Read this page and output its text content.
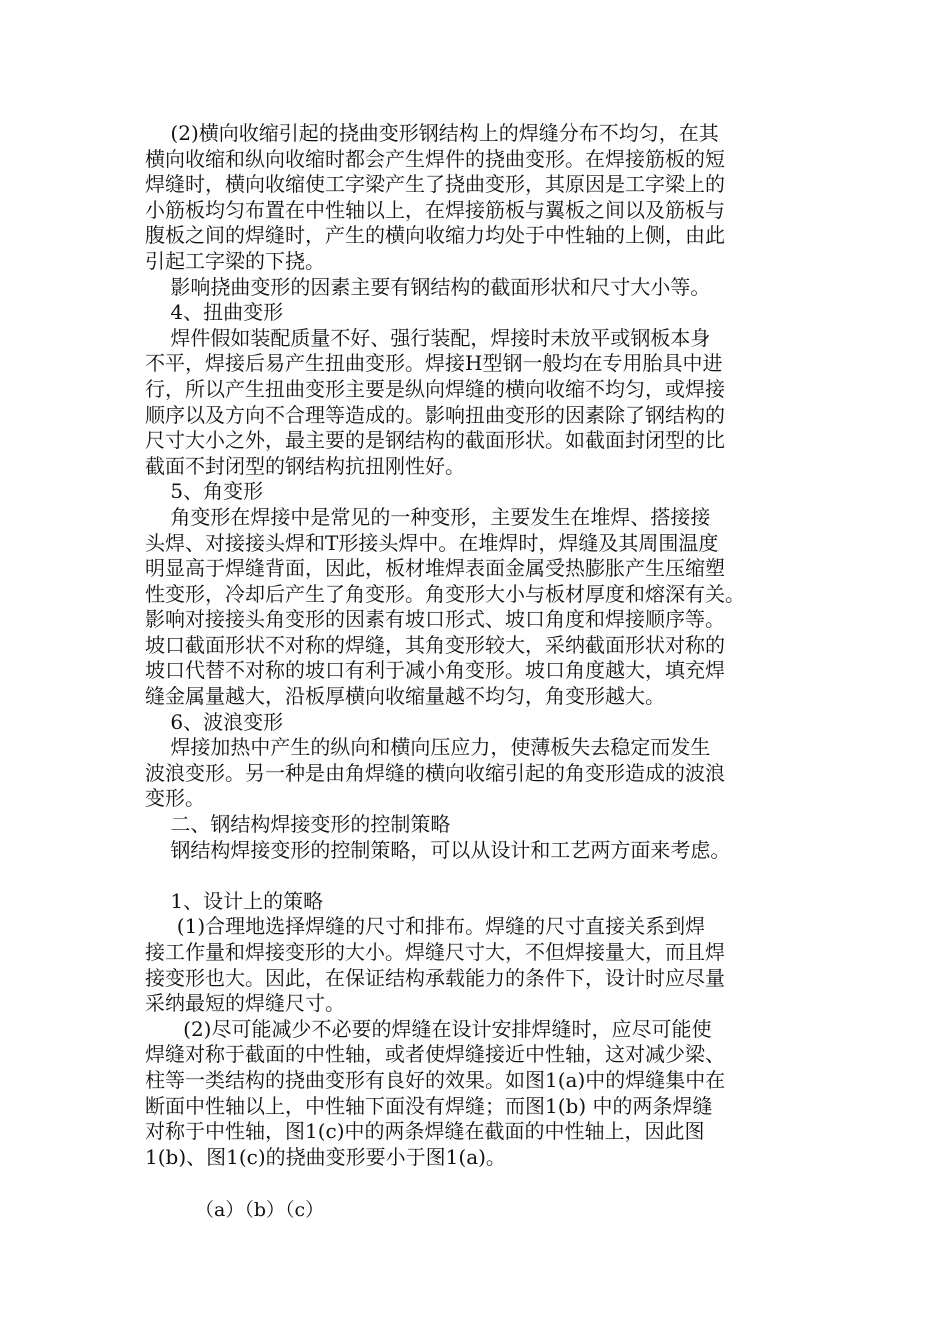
(2)横向收缩引起的挠曲变形钢结构上的焊缝分布不均匀，在其
横向收缩和纵向收缩时都会产生焊件的挠曲变形。在焊接筋板的短
焊缝时，横向收缩使工字梁产生了挠曲变形，其原因是工字梁上的
小筋板均匀布置在中性轴以上，在焊接筋板与翼板之间以及筋板与
腹板之间的焊缝时，产生的横向收缩力均处于中性轴的上侧，由此
引起工字梁的下挠。
影响挠曲变形的因素主要有钢结构的截面形状和尺寸大小等。
4、扭曲变形
焊件假如装配质量不好、强行装配，焊接时未放平或钢板本身
不平，焊接后易产生扭曲变形。焊接H型钢一般均在专用胎具中进
行，所以产生扭曲变形主要是纵向焊缝的横向收缩不均匀，或焊接
顺序以及方向不合理等造成的。影响扭曲变形的因素除了钢结构的
尺寸大小之外，最主要的是钢结构的截面形状。如截面封闭型的比
截面不封闭型的钢结构抗扭刚性好。
5、角变形
角变形在焊接中是常见的一种变形，主要发生在堆焊、搭接接
头焊、对接接头焊和T形接头焊中。在堆焊时，焊缝及其周围温度
明显高于焊缝背面，因此，板材堆焊表面金属受热膨胀产生压缩塑
性变形，冷却后产生了角变形。角变形大小与板材厚度和熔深有关。
影响对接接头角变形的因素有坡口形式、坡口角度和焊接顺序等。
坡口截面形状不对称的焊缝，其角变形较大，采纳截面形状对称的
坡口代替不对称的坡口有利于减小角变形。坡口角度越大，填充焊
缝金属量越大，沿板厚横向收缩量越不均匀，角变形越大。
6、波浪变形
焊接加热中产生的纵向和横向压应力，使薄板失去稳定而发生
波浪变形。另一种是由角焊缝的横向收缩引起的角变形造成的波浪
变形。
二、钢结构焊接变形的控制策略
钢结构焊接变形的控制策略，可以从设计和工艺两方面来考虑。
1、设计上的策略
(1)合理地选择焊缝的尺寸和排布。焊缝的尺寸直接关系到焊
接工作量和焊接变形的大小。焊缝尺寸大，不但焊接量大，而且焊
接变形也大。因此，在保证结构承载能力的条件下，设计时应尽量
采纳最短的焊缝尺寸。
(2)尽可能减少不必要的焊缝在设计安排焊缝时，应尽可能使
焊缝对称于截面的中性轴，或者使焊缝接近中性轴，这对减少梁、
柱等一类结构的挠曲变形有良好的效果。如图1(a)中的焊缝集中在
断面中性轴以上，中性轴下面没有焊缝；而图1(b) 中的两条焊缝
对称于中性轴，图1(c)中的两条焊缝在截面的中性轴上，因此图
1(b)、图1(c)的挠曲变形要小于图1(a)。
（a）（b）（c）
